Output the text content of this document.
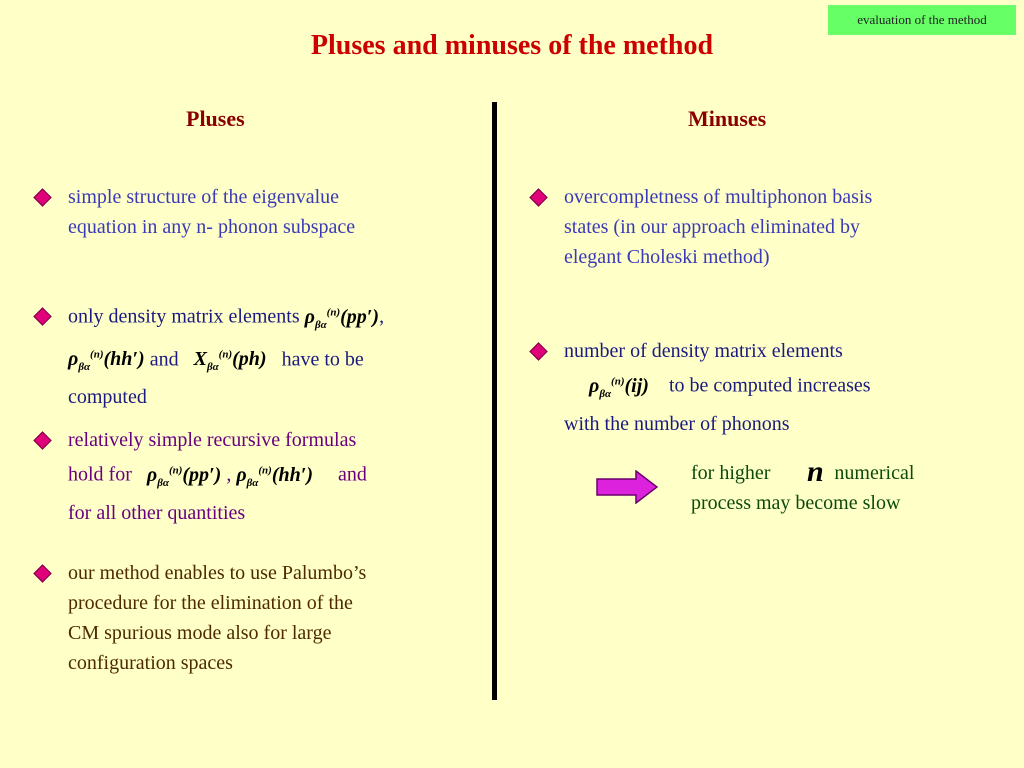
evaluation of the method
Pluses and minuses of the method
Pluses	Minuses
simple structure of the eigenvalue
equation in any n- phonon subspace
only density matrix elements $\rho_{\beta\alpha}^{(n)}(pp')$,
$\rho_{\beta\alpha}^{(n)}(hh')$ and $X_{\beta\alpha}^{(n)}(ph)$ have to be
computed
relatively simple recursive formulas
hold for $\rho_{\beta\alpha}^{(n)}(pp')$ , $\rho_{\beta\alpha}^{(n)}(hh')$ and
for all other quantities
our method enables to use Palumbo’s
procedure for the elimination of the
CM spurious mode also for large
configuration spaces
overcompletness of multiphonon basis
states (in our approach eliminated by
elegant Choleski method)
number of density matrix elements
$\rho_{\beta\alpha}^{(n)}(ij)$ to be computed increases
with the number of phonons
for higher	numerical
process may become slow
n
